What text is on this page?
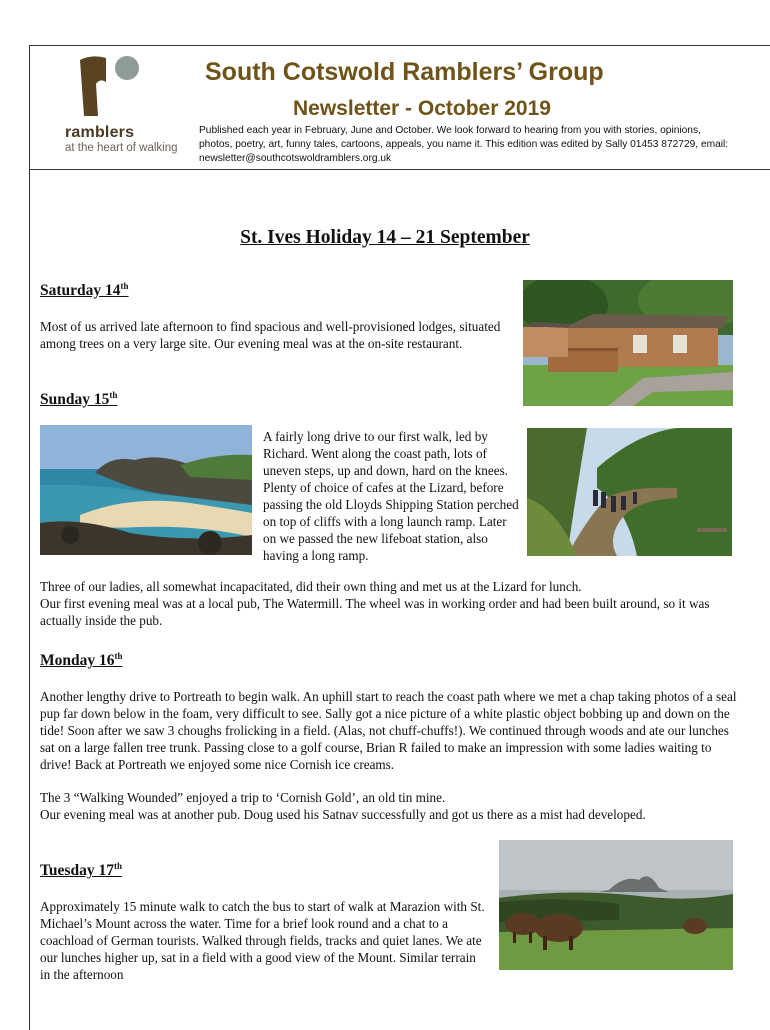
ramblers
at the heart of walking
South Cotswold Ramblers’ Group
Newsletter - October 2019
Published each year in February, June and October. We look forward to hearing from you with stories, opinions, photos, poetry, art, funny tales, cartoons, appeals, you name it. This edition was edited by Sally 01453 872729, email: newsletter@southcotswoldramblers.org.uk
St. Ives Holiday 14 – 21 September
Saturday 14th
Most of us arrived late afternoon to find spacious and well-provisioned lodges, situated among trees on a very large site. Our evening meal was at the on-site restaurant.
Sunday 15th
A fairly long drive to our first walk, led by Richard. Went along the coast path, lots of uneven steps, up and down, hard on the knees. Plenty of choice of cafes at the Lizard, before passing the old Lloyds Shipping Station perched on top of cliffs with a long launch ramp. Later on we passed the new lifeboat station, also having a long ramp.
Three of our ladies, all somewhat incapacitated, did their own thing and met us at the Lizard for lunch.
Our first evening meal was at a local pub, The Watermill. The wheel was in working order and had been built around, so it was actually inside the pub.
Monday 16th
Another lengthy drive to Portreath to begin walk. An uphill start to reach the coast path where we met a chap taking photos of a seal pup far down below in the foam, very difficult to see. Sally got a nice picture of a white plastic object bobbing up and down on the tide! Soon after we saw 3 choughs frolicking in a field. (Alas, not chuff-chuffs!). We continued through woods and ate our lunches sat on a large fallen tree trunk. Passing close to a golf course, Brian R failed to make an impression with some ladies waiting to drive! Back at Portreath we enjoyed some nice Cornish ice creams.
The 3 “Walking Wounded” enjoyed a trip to ‘Cornish Gold’, an old tin mine.
Our evening meal was at another pub. Doug used his Satnav successfully and got us there as a mist had developed.
Tuesday 17th
Approximately 15 minute walk to catch the bus to start of walk at Marazion with St. Michael’s Mount across the water. Time for a brief look round and a chat to a coachload of German tourists. Walked through fields, tracks and quiet lanes. We ate our lunches higher up, sat in a field with a good view of the Mount. Similar terrain in the afternoon
